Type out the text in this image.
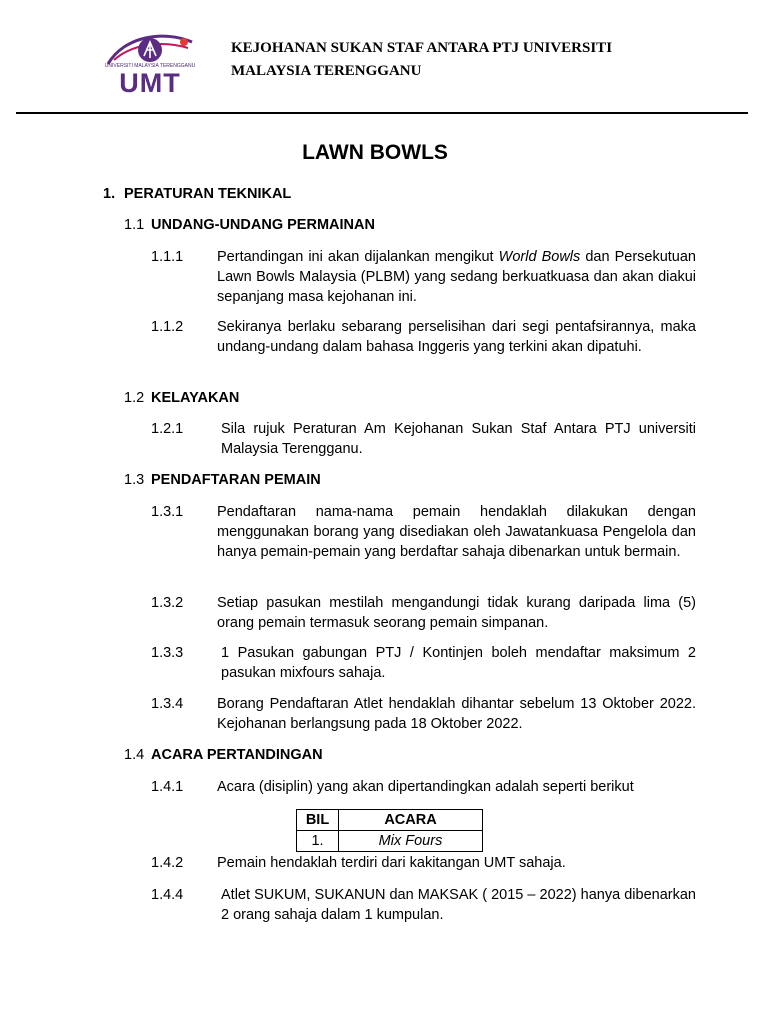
UNIVERSITI MALAYSIA TERENGGANU
UMT
KEJOHANAN SUKAN STAF ANTARA PTJ UNIVERSITI
MALAYSIA TERENGGANU
LAWN BOWLS
1. PERATURAN TEKNIKAL
1.1 UNDANG-UNDANG PERMAINAN
1.1.1 Pertandingan ini akan dijalankan mengikut World Bowls dan Persekutuan Lawn Bowls Malaysia (PLBM) yang sedang berkuatkuasa dan akan diakui sepanjang masa kejohanan ini.
1.1.2 Sekiranya berlaku sebarang perselisihan dari segi pentafsirannya, maka undang-undang dalam bahasa Inggeris yang terkini akan dipatuhi.
1.2 KELAYAKAN
1.2.1	Sila rujuk Peraturan Am Kejohanan Sukan Staf Antara PTJ universiti Malaysia Terengganu.
1.3 PENDAFTARAN PEMAIN
1.3.1 Pendaftaran nama-nama pemain hendaklah dilakukan dengan menggunakan borang yang disediakan oleh Jawatankuasa Pengelola dan hanya pemain-pemain yang berdaftar sahaja dibenarkan untuk bermain.
1.3.2 Setiap pasukan mestilah mengandungi tidak kurang daripada lima (5) orang pemain termasuk seorang pemain simpanan.
1.3.3	1 Pasukan gabungan PTJ / Kontinjen boleh mendaftar maksimum 2 pasukan mixfours sahaja.
1.3.4 Borang Pendaftaran Atlet hendaklah dihantar sebelum 13 Oktober 2022. Kejohanan berlangsung pada 18 Oktober 2022.
1.4 ACARA PERTANDINGAN
1.4.1 Acara (disiplin) yang akan dipertandingkan adalah seperti berikut
BIL	ACARA
1.	Mix Fours
1.4.2 Pemain hendaklah terdiri dari kakitangan UMT sahaja.
1.4.4	Atlet SUKUM, SUKANUN dan MAKSAK ( 2015 – 2022) hanya dibenarkan 2 orang sahaja dalam 1 kumpulan.
